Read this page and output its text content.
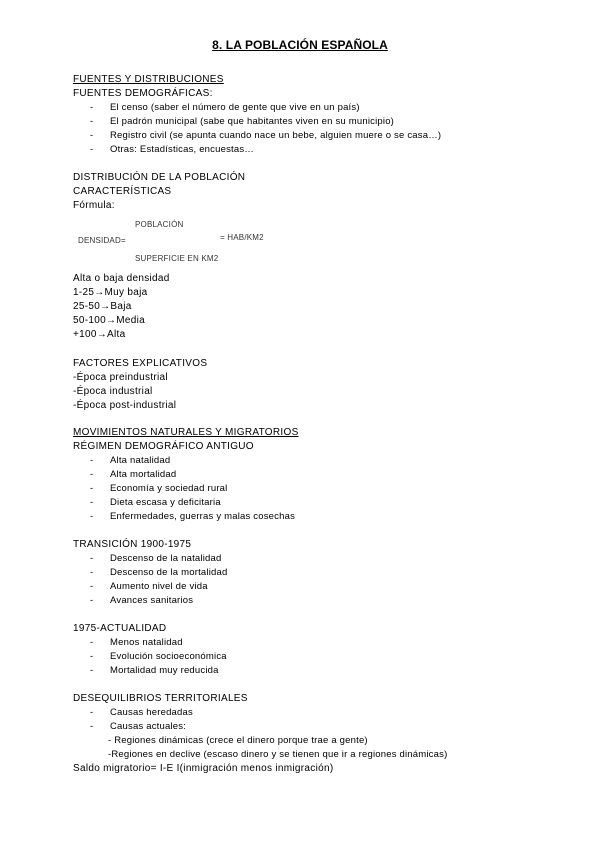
8. LA POBLACIÓN ESPAÑOLA
FUENTES Y DISTRIBUCIONES
FUENTES DEMOGRÁFICAS:
- El censo (saber el número de gente que vive en un país)
- El padrón municipal (sabe que habitantes viven en su municipio)
- Registro civil (se apunta cuando nace un bebe, alguien muere o se casa…)
- Otras: Estadísticas, encuestas…
DISTRIBUCIÓN DE LA POBLACIÓN
CARACTERÍSTICAS
Fórmula:
POBLACIÓN
DENSIDAD=	= HAB/KM2
SUPERFICIE EN KM2
Alta o baja densidad
1-25→Muy baja
25-50→Baja
50-100→Media
+100→Alta
FACTORES EXPLICATIVOS
-Época preindustrial
-Época industrial
-Época post-industrial
MOVIMIENTOS NATURALES Y MIGRATORIOS
RÉGIMEN DEMOGRÁFICO ANTIGUO
- Alta natalidad
- Alta mortalidad
- Economía y sociedad rural
- Dieta escasa y deficitaria
- Enfermedades, guerras y malas cosechas
TRANSICIÓN 1900-1975
- Descenso de la natalidad
- Descenso de la mortalidad
- Aumento nivel de vida
- Avances sanitarios
1975-ACTUALIDAD
- Menos natalidad
- Evolución socioeconómica
- Mortalidad muy reducida
DESEQUILIBRIOS TERRITORIALES
- Causas heredadas
- Causas actuales:
- Regiones dinámicas (crece el dinero porque trae a gente)
-Regiones en declive (escaso dinero y se tienen que ir a regiones dinámicas)
Saldo migratorio= I-E I(inmigración menos inmigración)
